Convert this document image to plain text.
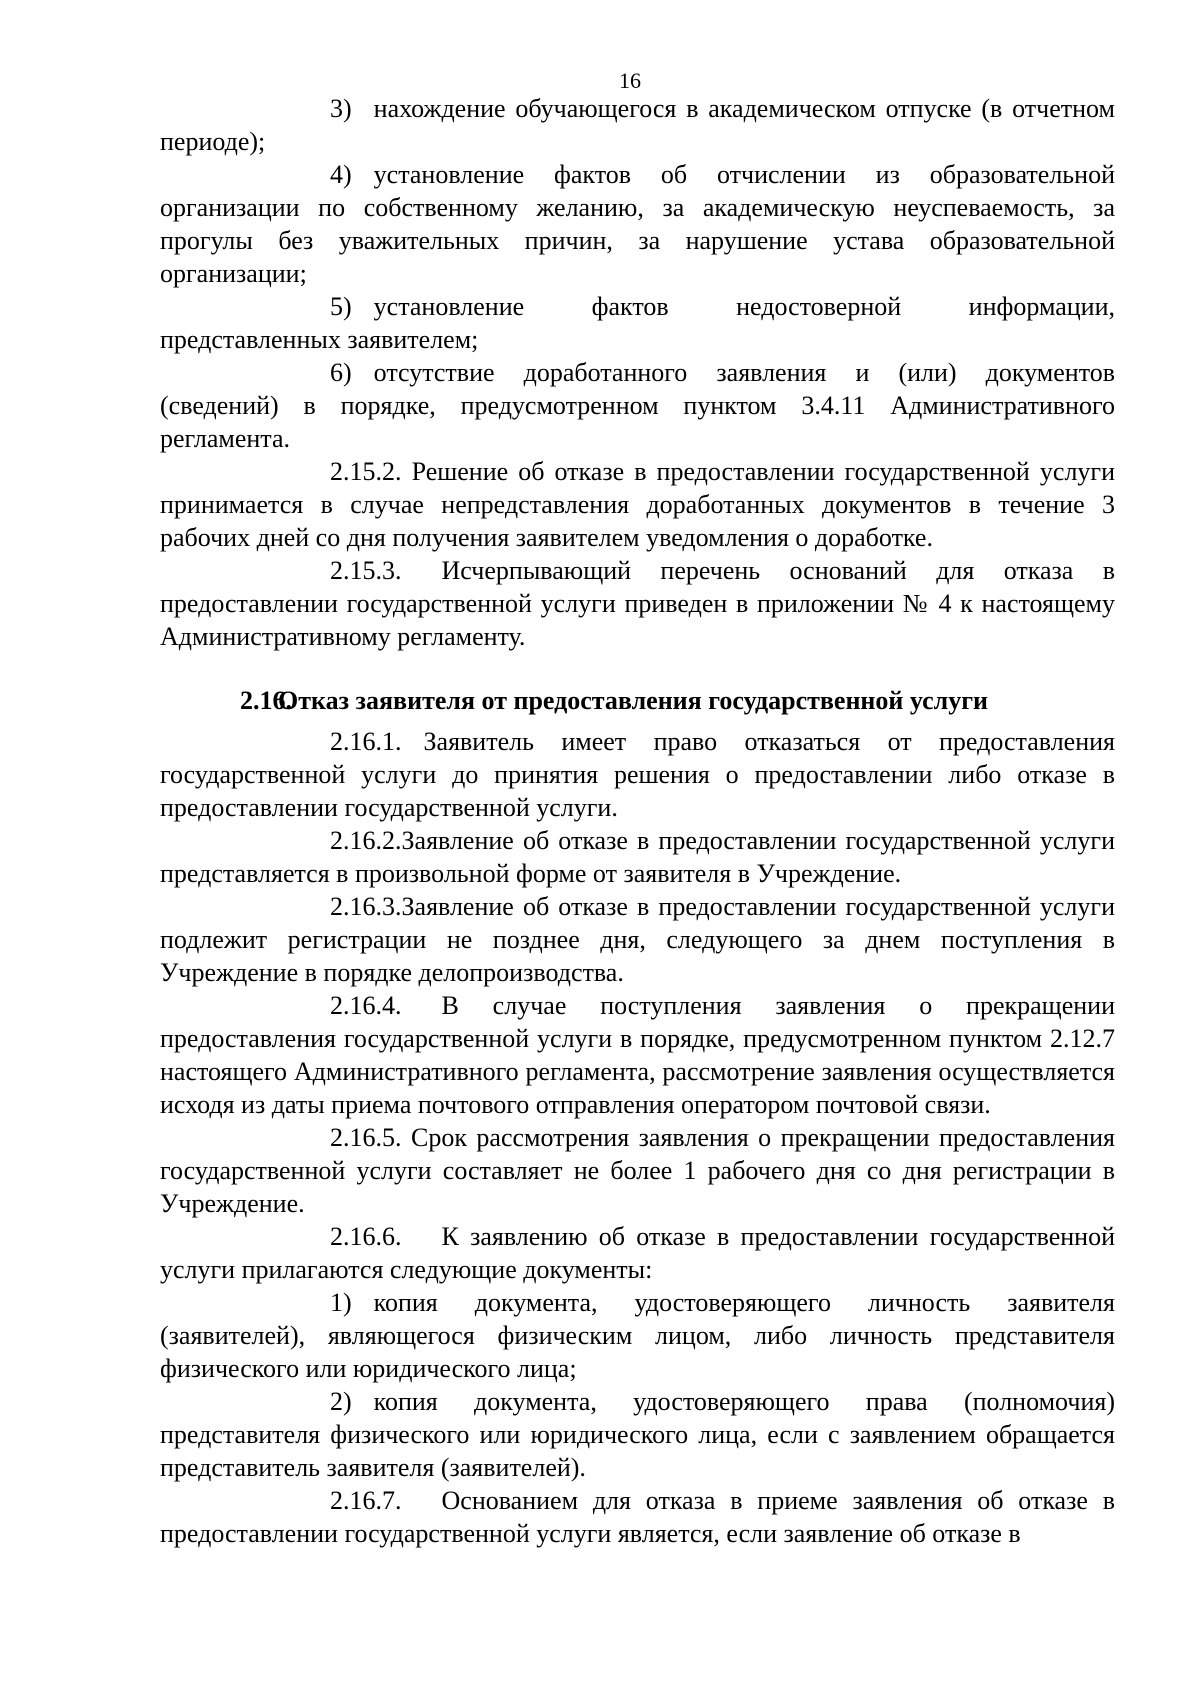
16

3) нахождение обучающегося в академическом отпуске (в отчетном периоде);

4) установление фактов об отчислении из образовательной организации по собственному желанию, за академическую неуспеваемость, за прогулы без уважительных причин, за нарушение устава образовательной организации;

5) установление фактов недостоверной информации, представленных заявителем;

6) отсутствие доработанного заявления и (или) документов (сведений) в порядке, предусмотренном пунктом 3.4.11 Административного регламента.

2.15.2. Решение об отказе в предоставлении государственной услуги принимается в случае непредставления доработанных документов в течение 3 рабочих дней со дня получения заявителем уведомления о доработке.

2.15.3. Исчерпывающий перечень оснований для отказа в предоставлении государственной услуги приведен в приложении № 4 к настоящему Административному регламенту.

2.16.Отказ заявителя от предоставления государственной услуги

2.16.1. Заявитель имеет право отказаться от предоставления государственной услуги до принятия решения о предоставлении либо отказе в предоставлении государственной услуги.

2.16.2.Заявление об отказе в предоставлении государственной услуги представляется в произвольной форме от заявителя в Учреждение.

2.16.3.Заявление об отказе в предоставлении государственной услуги подлежит регистрации не позднее дня, следующего за днем поступления в Учреждение в порядке делопроизводства.

2.16.4. В случае поступления заявления о прекращении предоставления государственной услуги в порядке, предусмотренном пунктом 2.12.7 настоящего Административного регламента, рассмотрение заявления осуществляется исходя из даты приема почтового отправления оператором почтовой связи.

2.16.5. Срок рассмотрения заявления о прекращении предоставления государственной услуги составляет не более 1 рабочего дня со дня регистрации в Учреждение.

2.16.6. К заявлению об отказе в предоставлении государственной услуги прилагаются следующие документы:

1) копия документа, удостоверяющего личность заявителя (заявителей), являющегося физическим лицом, либо личность представителя физического или юридического лица;

2) копия документа, удостоверяющего права (полномочия) представителя физического или юридического лица, если с заявлением обращается представитель заявителя (заявителей).

2.16.7. Основанием для отказа в приеме заявления об отказе в предоставлении государственной услуги является, если заявление об отказе в
